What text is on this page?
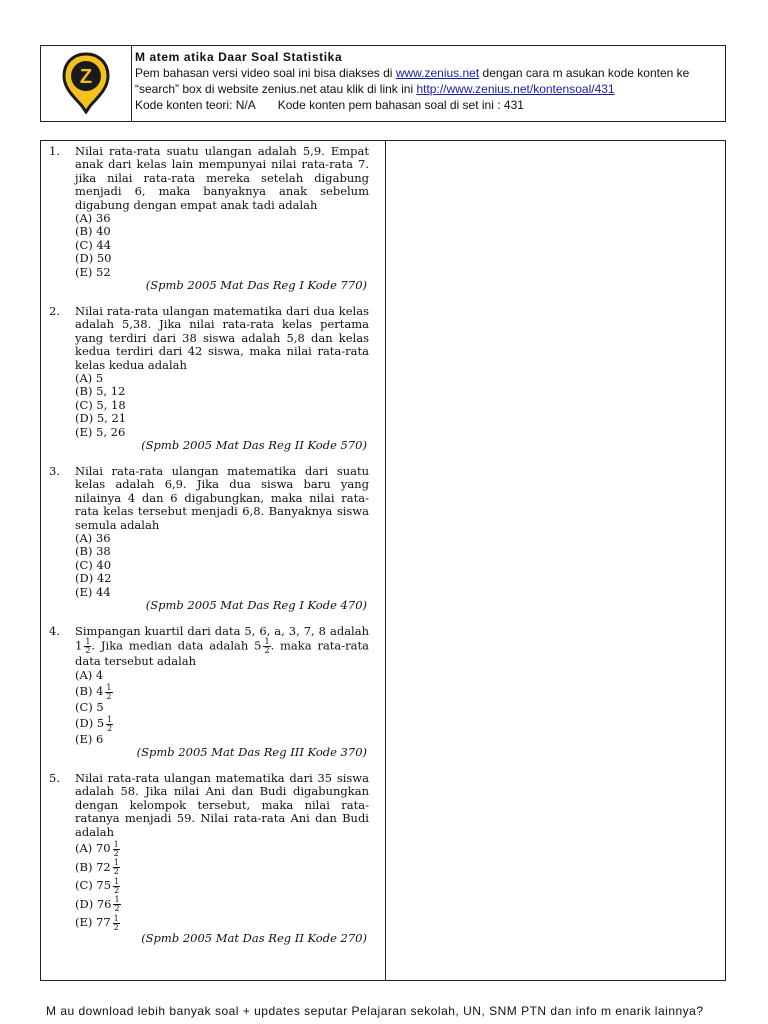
Z
M atem atika Daar Soal Statistika
Pem bahasan versi video soal ini bisa diakses di www.zenius.net dengan cara m asukan kode konten ke
“search” box di website zenius.net atau klik di link ini http://www.zenius.net/kontensoal/431
Kode konten teori: N/A Kode konten pem bahasan soal di set ini : 431
1. Nilai rata-rata suatu ulangan adalah 5,9. Empat anak dari kelas lain mempunyai nilai rata-rata 7. jika nilai rata-rata mereka setelah digabung menjadi 6, maka banyaknya anak sebelum digabung dengan empat anak tadi adalah
(A) 36
(B) 40
(C) 44
(D) 50
(E) 52
(Spmb 2005 Mat Das Reg I Kode 770)
2. Nilai rata-rata ulangan matematika dari dua kelas adalah 5,38. Jika nilai rata-rata kelas pertama yang terdiri dari 38 siswa adalah 5,8 dan kelas kedua terdiri dari 42 siswa, maka nilai rata-rata kelas kedua adalah
(A) 5
(B) 5, 12
(C) 5, 18
(D) 5, 21
(E) 5, 26
(Spmb 2005 Mat Das Reg II Kode 570)
3. Nilai rata-rata ulangan matematika dari suatu kelas adalah 6,9. Jika dua siswa baru yang nilainya 4 dan 6 digabungkan, maka nilai rata-rata kelas tersebut menjadi 6,8. Banyaknya siswa semula adalah
(A) 36
(B) 38
(C) 40
(D) 42
(E) 44
(Spmb 2005 Mat Das Reg I Kode 470)
4. Simpangan kuartil dari data 5, 6, a, 3, 7, 8 adalah $1 \frac{1}{2}$ . Jika median data adalah $5 \frac{1}{2}$ . maka rata-rata data tersebut adalah
(A) 4
(B) $4 \frac{1}{2}$
(C) 5
(D) $5 \frac{1}{2}$
(E) 6
(Spmb 2005 Mat Das Reg III Kode 370)
5. Nilai rata-rata ulangan matematika dari 35 siswa adalah 58. Jika nilai Ani dan Budi digabungkan dengan kelompok tersebut, maka nilai rata-ratanya menjadi 59. Nilai rata-rata Ani dan Budi adalah
(A) $70 \frac{1}{2}$
(B) $72 \frac{1}{2}$
(C) $75 \frac{1}{2}$
(D) $76 \frac{1}{2}$
(E) $77 \frac{1}{2}$
(Spmb 2005 Mat Das Reg II Kode 270)
M au download lebih banyak soal + updates seputar Pelajaran sekolah, UN, SNM PTN dan info m enarik lainnya?
